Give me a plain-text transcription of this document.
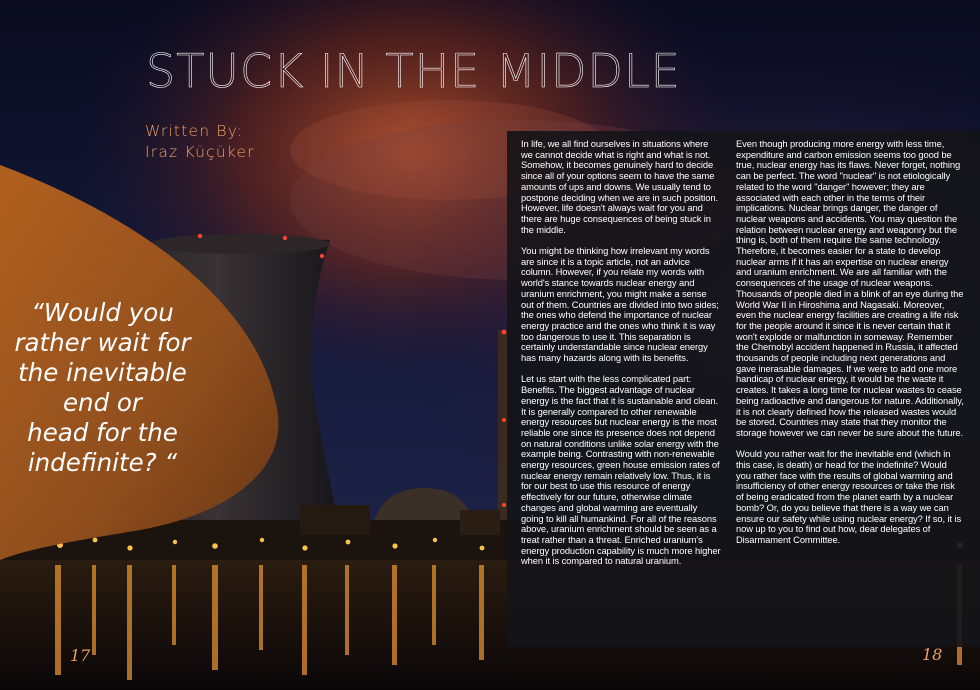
STUCK IN THE MIDDLE
Written By:
Iraz Küçüker
“Would you
rather wait for
the inevitable
end or
head for the
indefinite? “

In life, we all find ourselves in situations where we cannot decide what is right and what is not. Somehow, it becomes genuinely hard to decide since all of your options seem to have the same amounts of ups and downs. We usually tend to postpone deciding when we are in such position. However, life doesn't always wait for you and there are huge consequences of being stuck in the middle.

You might be thinking how irrelevant my words are since it is a topic article, not an advice column. However, if you relate my words with world's stance towards nuclear energy and uranium enrichment, you might make a sense out of them. Countries are divided into two sides; the ones who defend the importance of nuclear energy practice and the ones who think it is way too dangerous to use it. This separation is certainly understandable since nuclear energy has many hazards along with its benefits.

Let us start with the less complicated part: Benefits. The biggest advantage of nuclear energy is the fact that it is sustainable and clean. It is generally compared to other renewable energy resources but nuclear energy is the most reliable one since its presence does not depend on natural conditions unlike solar energy with the example being. Contrasting with non-renewable energy resources, green house emission rates of nuclear energy remain relatively low. Thus, it is for our best to use this resource of energy effectively for our future, otherwise climate changes and global warming are eventually going to kill all humankind. For all of the reasons above, uranium enrichment should be seen as a treat rather than a threat. Enriched uranium's energy production capability is much more higher when it is compared to natural uranium.

Even though producing more energy with less time, expenditure and carbon emission seems too good be true, nuclear energy has its flaws. Never forget, nothing can be perfect. The word "nuclear" is not etiologically related to the word "danger" however; they are associated with each other in the terms of their implications. Nuclear brings danger, the danger of nuclear weapons and accidents. You may question the relation between nuclear energy and weaponry but the thing is, both of them require the same technology. Therefore, it becomes easier for a state to develop nuclear arms if it has an expertise on nuclear energy and uranium enrichment. We are all familiar with the consequences of the usage of nuclear weapons. Thousands of people died in a blink of an eye during the World War II in Hiroshima and Nagasaki. Moreover, even the nuclear energy facilities are creating a life risk for the people around it since it is never certain that it won't explode or malfunction in someway. Remember the Chernobyl accident happened in Russia, it affected thousands of people including next generations and gave inerasable damages. If we were to add one more handicap of nuclear energy, it would be the waste it creates. It takes a long time for nuclear wastes to cease being radioactive and dangerous for nature. Additionally, it is not clearly defined how the released wastes would be stored. Countries may state that they monitor the storage however we can never be sure about the future.

Would you rather wait for the inevitable end (which in this case, is death) or head for the indefinite? Would you rather face with the results of global warming and insufficiency of other energy resources or take the risk of being eradicated from the planet earth by a nuclear bomb? Or, do you believe that there is a way we can ensure our safety while using nuclear energy? If so, it is now up to you to find out how, dear delegates of Disarmament Committee.

17	18
